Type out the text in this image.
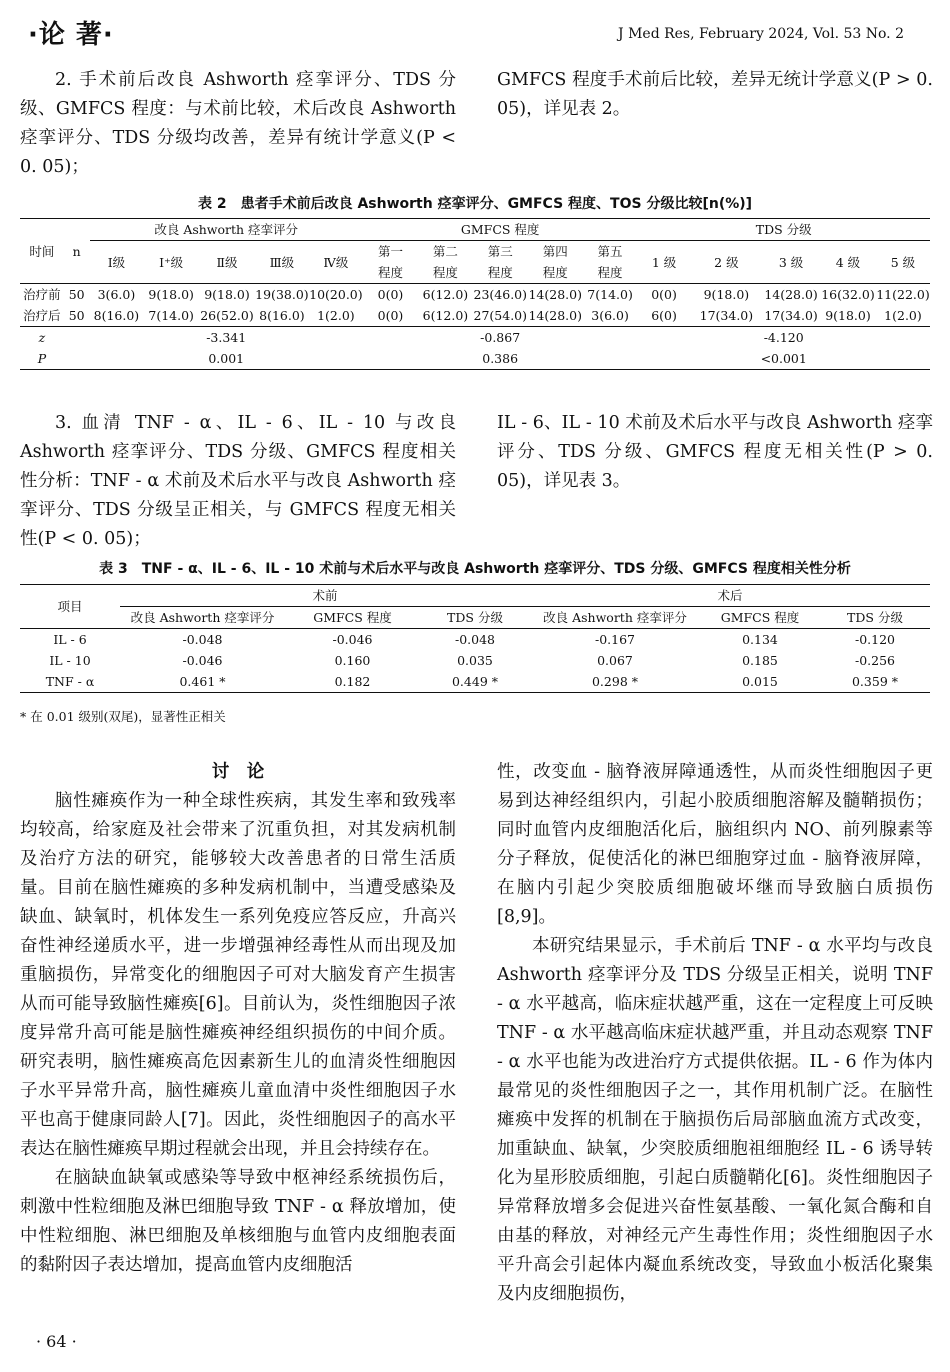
·论 著·	J Med Res, February 2024, Vol. 53 No. 2

2. 手术前后改良 Ashworth 痉挛评分、TDS 分级、GMFCS 程度：与术前比较，术后改良 Ashworth 痉挛评分、TDS 分级均改善，差异有统计学意义(P < 0. 05)；

GMFCS 程度手术前后比较，差异无统计学意义(P > 0. 05)，详见表 2。

表 2　患者手术前后改良 Ashworth 痉挛评分、GMFCS 程度、TOS 分级比较[n(%)]
时间	n	改良 Ashworth 痉挛评分					GMFCS 程度					TDS 分级				
		Ⅰ级	Ⅰ⁺级	Ⅱ级	Ⅲ级	Ⅳ级	第一	第二	第三	第四	第五	1 级	2 级	3 级	4 级	5 级
							程度	程度	程度	程度	程度					
治疗前	50	3(6.0)	9(18.0)	9(18.0)	19(38.0)	10(20.0)	0(0)	6(12.0)	23(46.0)	14(28.0)	7(14.0)	0(0)	9(18.0)	14(28.0)	16(32.0)	11(22.0)
治疗后	50	8(16.0)	7(14.0)	26(52.0)	8(16.0)	1(2.0)	0(0)	6(12.0)	27(54.0)	14(28.0)	3(6.0)	6(0)	17(34.0)	17(34.0)	9(18.0)	1(2.0)
z		-3.341					-0.867					-4.120				
P		0.001					0.386					<0.001				

3. 血清 TNF - α、IL - 6、IL - 10 与改良 Ashworth 痉挛评分、TDS 分级、GMFCS 程度相关性分析：TNF - α 术前及术后水平与改良 Ashworth 痉挛评分、TDS 分级呈正相关，与 GMFCS 程度无相关性(P < 0. 05)；

IL - 6、IL - 10 术前及术后水平与改良 Ashworth 痉挛评分、TDS 分级、GMFCS 程度无相关性(P > 0. 05)，详见表 3。

表 3　TNF - α、IL - 6、IL - 10 术前与术后水平与改良 Ashworth 痉挛评分、TDS 分级、GMFCS 程度相关性分析
项目	术前			术后		
	改良 Ashworth 痉挛评分	GMFCS 程度	TDS 分级	改良 Ashworth 痉挛评分	GMFCS 程度	TDS 分级
IL - 6	-0.048	-0.046	-0.048	-0.167	0.134	-0.120
IL - 10	-0.046	0.160	0.035	0.067	0.185	-0.256
TNF - α	0.461 *	0.182	0.449 *	0.298 *	0.015	0.359 *
* 在 0.01 级别(双尾)，显著性正相关

讨　论

脑性瘫痪作为一种全球性疾病，其发生率和致残率均较高，给家庭及社会带来了沉重负担，对其发病机制及治疗方法的研究，能够较大改善患者的日常生活质量。目前在脑性瘫痪的多种发病机制中，当遭受感染及缺血、缺氧时，机体发生一系列免疫应答反应，升高兴奋性神经递质水平，进一步增强神经毒性从而出现及加重脑损伤，异常变化的细胞因子可对大脑发育产生损害从而可能导致脑性瘫痪[6]。目前认为，炎性细胞因子浓度异常升高可能是脑性瘫痪神经组织损伤的中间介质。研究表明，脑性瘫痪高危因素新生儿的血清炎性细胞因子水平异常升高，脑性瘫痪儿童血清中炎性细胞因子水平也高于健康同龄人[7]。因此，炎性细胞因子的高水平表达在脑性瘫痪早期过程就会出现，并且会持续存在。

在脑缺血缺氧或感染等导致中枢神经系统损伤后，刺激中性粒细胞及淋巴细胞导致 TNF - α 释放增加，使中性粒细胞、淋巴细胞及单核细胞与血管内皮细胞表面的黏附因子表达增加，提高血管内皮细胞活

性，改变血 - 脑脊液屏障通透性，从而炎性细胞因子更易到达神经组织内，引起小胶质细胞溶解及髓鞘损伤；同时血管内皮细胞活化后，脑组织内 NO、前列腺素等分子释放，促使活化的淋巴细胞穿过血 - 脑脊液屏障，在脑内引起少突胶质细胞破坏继而导致脑白质损伤[8,9]。

本研究结果显示，手术前后 TNF - α 水平均与改良 Ashworth 痉挛评分及 TDS 分级呈正相关，说明 TNF - α 水平越高，临床症状越严重，这在一定程度上可反映 TNF - α 水平越高临床症状越严重，并且动态观察 TNF - α 水平也能为改进治疗方式提供依据。IL - 6 作为体内最常见的炎性细胞因子之一，其作用机制广泛。在脑性瘫痪中发挥的机制在于脑损伤后局部脑血流方式改变，加重缺血、缺氧，少突胶质细胞祖细胞经 IL - 6 诱导转化为星形胶质细胞，引起白质髓鞘化[6]。炎性细胞因子异常释放增多会促进兴奋性氨基酸、一氧化氮合酶和自由基的释放，对神经元产生毒性作用；炎性细胞因子水平升高会引起体内凝血系统改变，导致血小板活化聚集及内皮细胞损伤，

· 64 ·
